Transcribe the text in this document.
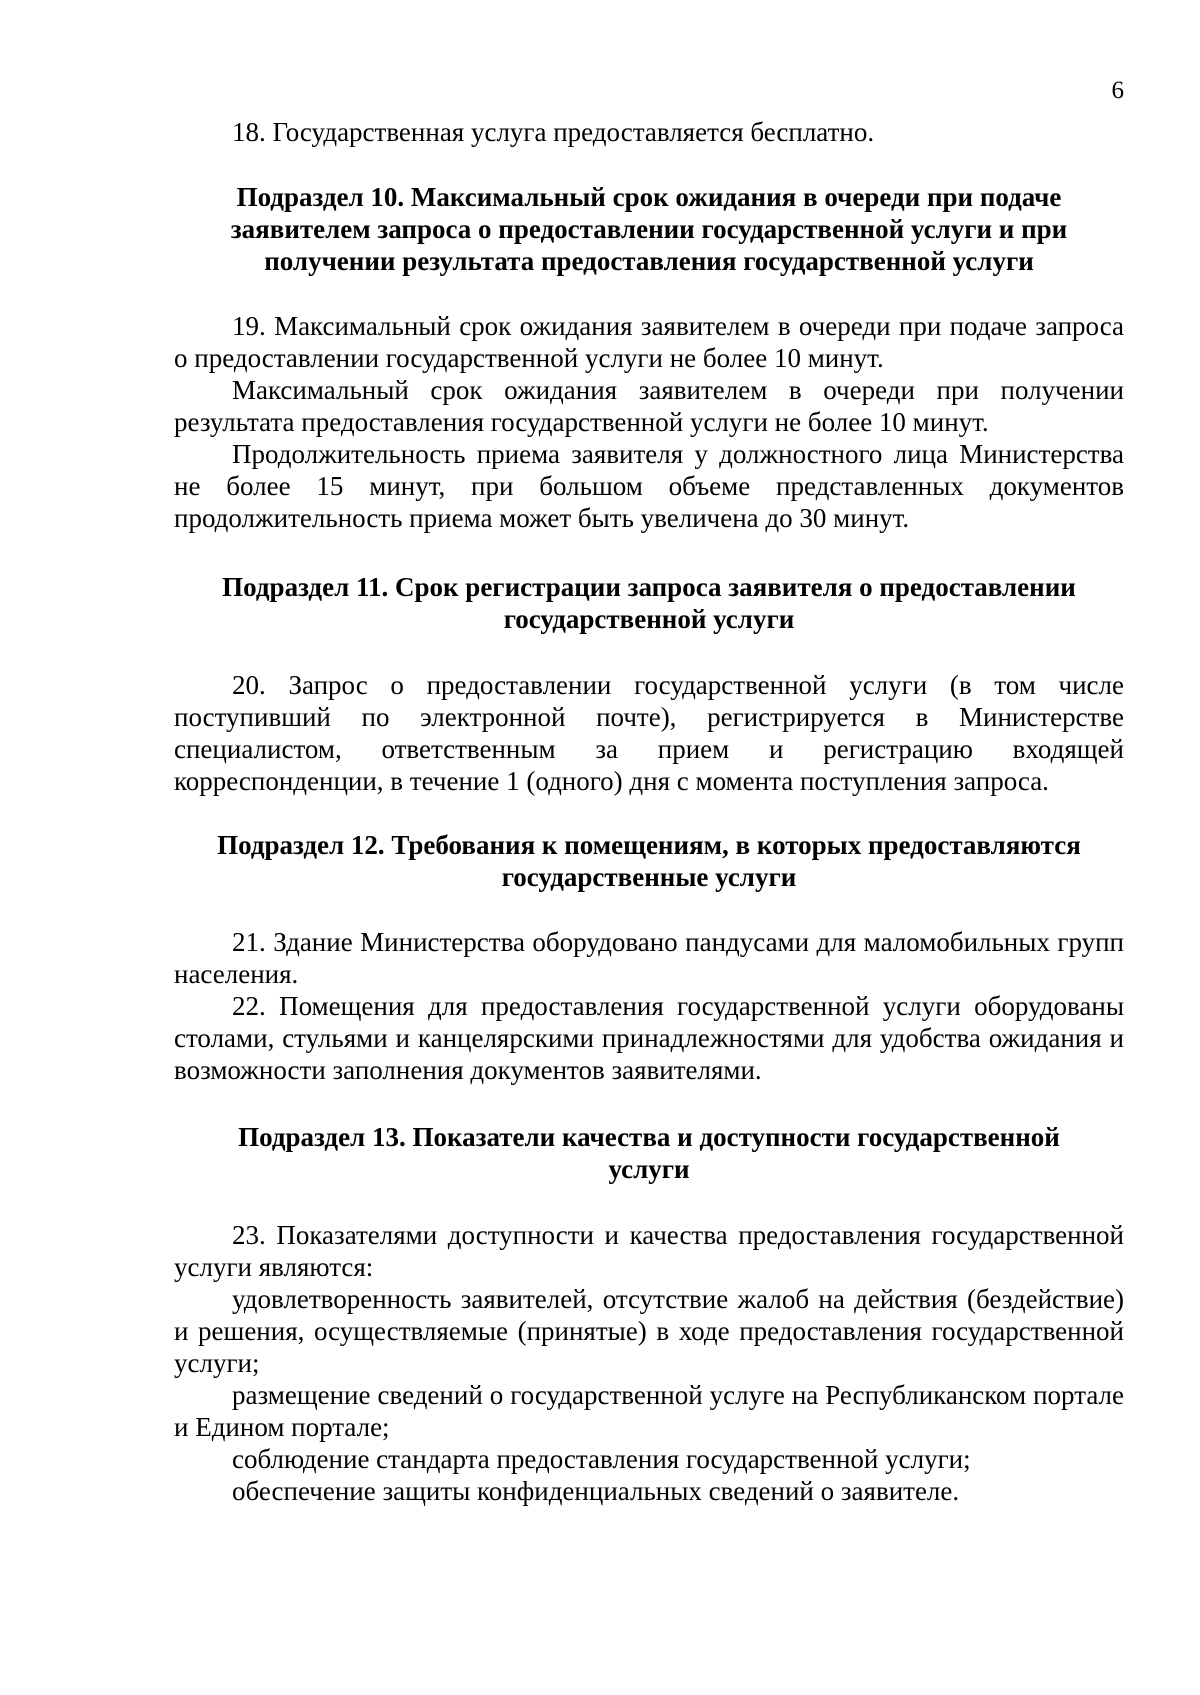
6

18. Государственная услуга предоставляется бесплатно.

Подраздел 10. Максимальный срок ожидания в очереди при подаче
заявителем запроса о предоставлении государственной услуги и при
получении результата предоставления государственной услуги

19. Максимальный срок ожидания заявителем в очереди при подаче запроса о предоставлении государственной услуги не более 10 минут.

Максимальный срок ожидания заявителем в очереди при получении результата предоставления государственной услуги не более 10 минут.

Продолжительность приема заявителя у должностного лица Министерства не более 15 минут, при большом объеме представленных документов продолжительность приема может быть увеличена до 30 минут.

Подраздел 11. Срок регистрации запроса заявителя о предоставлении
государственной услуги

20. Запрос о предоставлении государственной услуги (в том числе поступивший по электронной почте), регистрируется в Министерстве специалистом, ответственным за прием и регистрацию входящей корреспонденции, в течение 1 (одного) дня с момента поступления запроса.

Подраздел 12. Требования к помещениям, в которых предоставляются
государственные услуги

21. Здание Министерства оборудовано пандусами для маломобильных групп населения.

22. Помещения для предоставления государственной услуги оборудованы столами, стульями и канцелярскими принадлежностями для удобства ожидания и возможности заполнения документов заявителями.

Подраздел 13. Показатели качества и доступности государственной
услуги

23. Показателями доступности и качества предоставления государственной услуги являются:

удовлетворенность заявителей, отсутствие жалоб на действия (бездействие) и решения, осуществляемые (принятые) в ходе предоставления государственной услуги;

размещение сведений о государственной услуге на Республиканском портале и Едином портале;

соблюдение стандарта предоставления государственной услуги;

обеспечение защиты конфиденциальных сведений о заявителе.
